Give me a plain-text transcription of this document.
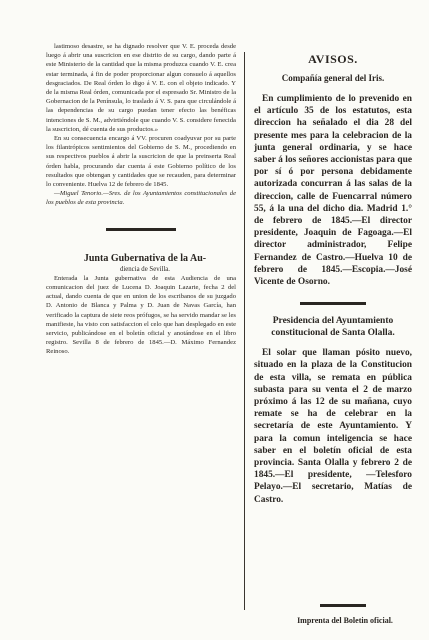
lastimoso desastre, se ha dignado resolver que V. E. proceda desde luego á abrir una suscricion en ese distrito de su cargo, dando parte á este Ministerio de la cantidad que la misma produzca cuando V. E. crea estar terminada, á fin de poder proporcionar algun consuelo á aquellos desgraciados. De Real órden lo digo á V. E. con el objeto indicado. Y de la misma Real órden, comunicada por el espresado Sr. Ministro de la Gobernacion de la Península, lo traslado á V. S. para que circulándole á las dependencias de su cargo puedan tener efecto las benéficas intenciones de S. M., advirtiéndole que cuando V. S. considere fenecida la suscricion, dé cuenta de sus productos.»

En su consecuencia encargo á VV. procuren coadyuvar por su parte los filantrópicos sentimientos del Gobierno de S. M., procediendo en sus respectivos pueblos á abrir la suscricion de que la preinserta Real órden habla, procurando dar cuenta á este Gobierno político de los resultados que obtengan y cantidades que se recauden, para determinar lo conveniente. Huelva 12 de febrero de 1845.

—Miguel Tenorio.—Sres. de los Ayuntamientos constitucionales de los pueblos de esta provincia.

Junta Gubernativa de la Au-

diencia de Sevilla.

Enterada la Junta gubernativa de esta Audiencia de una comunicacion del juez de Lucena D. Joaquin Lazarte, fecha 2 del actual, dando cuenta de que en union de los escribanos de su juzgado D. Antonio de Blanca y Palma y D. Juan de Navas García, han verificado la captura de siete reos prófugos, se ha servido mandar se les manifieste, ha visto con satisfaccion el celo que han desplegado en este servicio, publicándose en el boletín oficial y anotándose en el libro registro. Sevilla 8 de febrero de 1845.—D. Máximo Fernandez Reinoso.

AVISOS.

Compañía general del Iris.

En cumplimiento de lo prevenido en el artículo 35 de los estatutos, esta direccion ha señalado el dia 28 del presente mes para la celebracion de la junta general ordinaria, y se hace saber á los señores accionistas para que por sí ó por persona debidamente autorizada concurran á las salas de la direccion, calle de Fuencarral número 55, á la una del dicho dia. Madrid 1.° de febrero de 1845.—El director presidente, Joaquin de Fagoaga.—El director administrador, Felipe Fernandez de Castro.—Huelva 10 de febrero de 1845.—Escopia.—José Vicente de Osorno.

Presidencia del Ayuntamiento constitucional de Santa Olalla.

El solar que llaman pósito nuevo, situado en la plaza de la Constitucion de esta villa, se remata en pública subasta para su venta el 2 de marzo próximo á las 12 de su mañana, cuyo remate se ha de celebrar en la secretaría de este Ayuntamiento. Y para la comun inteligencia se hace saber en el boletín oficial de esta provincia. Santa Olalla y febrero 2 de 1845.—El presidente, —Telesforo Pelayo.—El secretario, Matías de Castro.

Imprenta del Boletin oficial.
